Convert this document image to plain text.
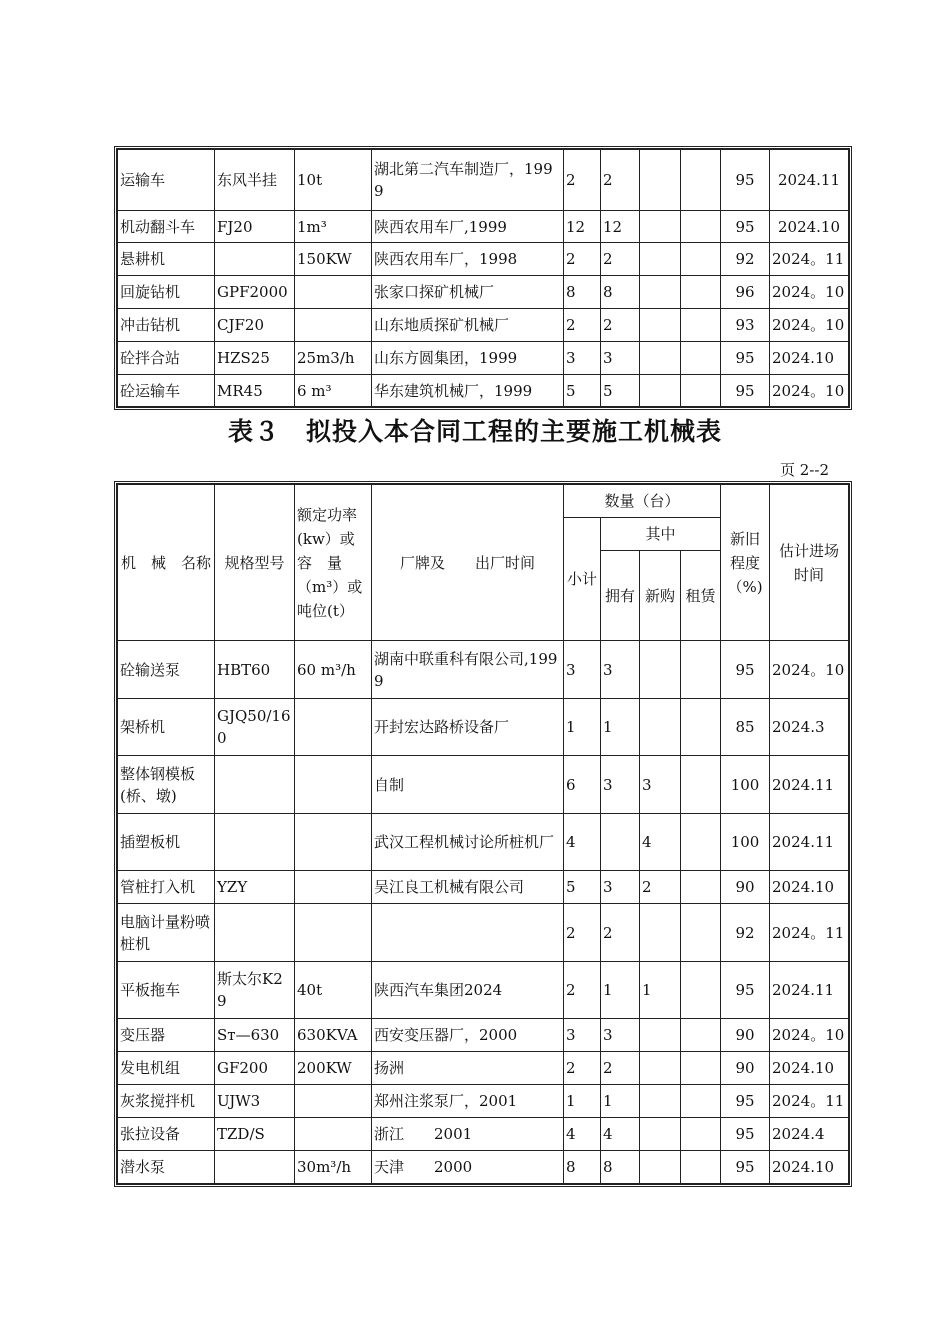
运输车	东风半挂	10t	湖北第二汽车制造厂，1999	2	2			95	2024.11
机动翻斗车	FJ20	1m³	陕西农用车厂,1999	12	12			95	2024.10
悬耕机		150KW	陕西农用车厂，1998	2	2			92	2024。11
回旋钻机	GPF2000		张家口探矿机械厂	8	8			96	2024。10
冲击钻机	CJF20		山东地质探矿机械厂	2	2			93	2024。10
砼拌合站	HZS25	25m3/h	山东方圆集团，1999	3	3			95	2024.10
砼运输车	MR45	6 m³	华东建筑机械厂，1999	5	5			95	2024。10
表３　拟投入本合同工程的主要施工机械表
页 2--2
机　械　名称	规格型号	额定功率(kw）或容　量（m³）或吨位(t）	厂牌及　　出厂时间	数量（台）				新旧程度（%)	估计进场时间
				小计	其中				
					拥有	新购	租赁		
砼输送泵	HBT60	60 m³/h	湖南中联重科有限公司,1999	3	3			95	2024。10
架桥机	GJQ50/160		开封宏达路桥设备厂	1	1			85	2024.3
整体钢模板(桥、墩)			自制	6	3	3		100	2024.11
插塑板机			武汉工程机械讨论所桩机厂	4		4		100	2024.11
管桩打入机	YZY		吴江良工机械有限公司	5	3	2		90	2024.10
电脑计量粉喷桩机				2	2			92	2024。11
平板拖车	斯太尔K29	40t	陕西汽车集团2024	2	1	1		95	2024.11
变压器	Sᴛ—630	630KVA	西安变压器厂，2000	3	3			90	2024。10
发电机组	GF200	200KW	扬洲	2	2			90	2024.10
灰浆搅拌机	UJW3		郑州注浆泵厂，2001	1	1			95	2024。11
张拉设备	TZD/S		浙江　　2001	4	4			95	2024.4
潜水泵		30m³/h	天津　　2000	8	8			95	2024.10
